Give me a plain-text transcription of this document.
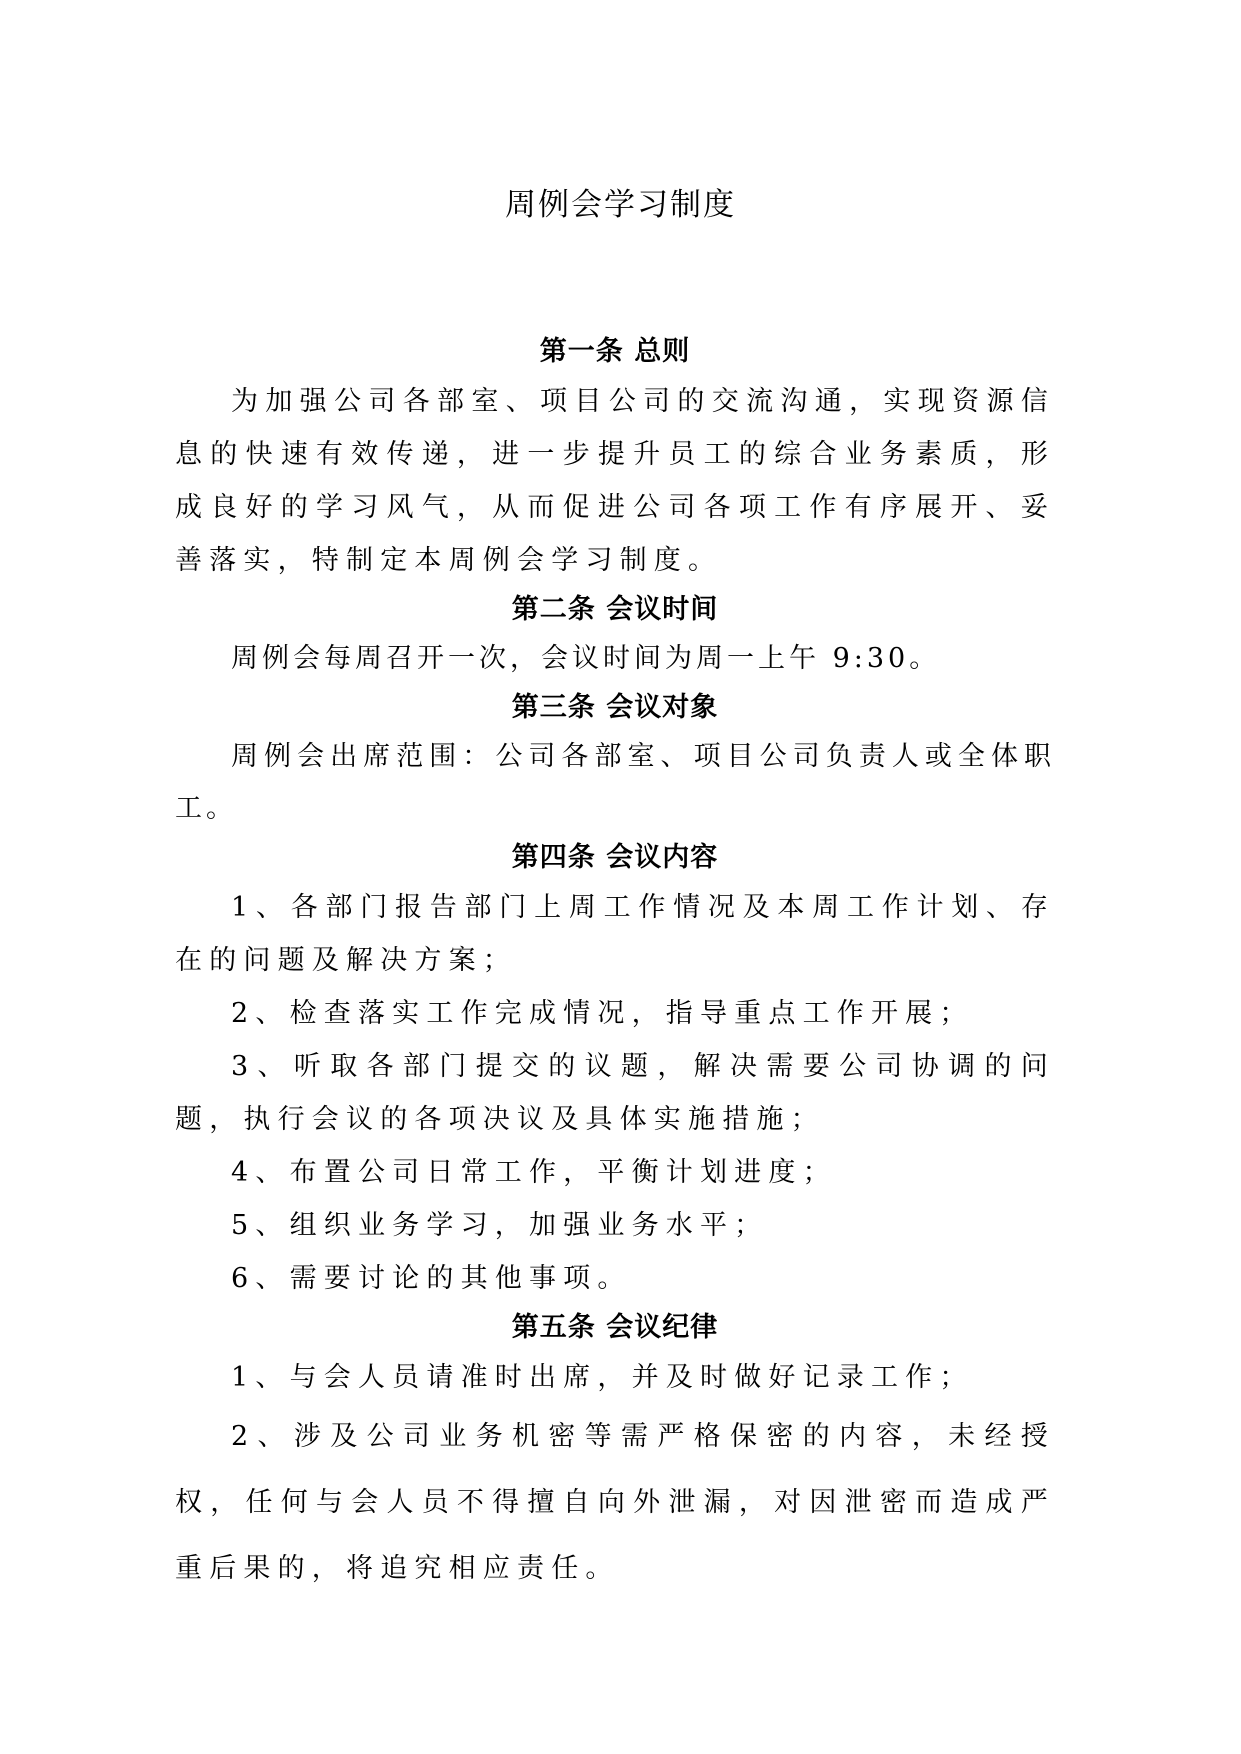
周例会学习制度

第一条 总则

为加强公司各部室、项目公司的交流沟通，实现资源信息的快速有效传递，进一步提升员工的综合业务素质，形成良好的学习风气，从而促进公司各项工作有序展开、妥善落实，特制定本周例会学习制度。

第二条 会议时间

周例会每周召开一次，会议时间为周一上午 9:30。

第三条 会议对象

周例会出席范围：公司各部室、项目公司负责人或全体职工。

第四条 会议内容

1、各部门报告部门上周工作情况及本周工作计划、存在的问题及解决方案；

2、检查落实工作完成情况，指导重点工作开展；

3、听取各部门提交的议题，解决需要公司协调的问题，执行会议的各项决议及具体实施措施；

4、布置公司日常工作，平衡计划进度；

5、组织业务学习，加强业务水平；

6、需要讨论的其他事项。

第五条 会议纪律

1、与会人员请准时出席，并及时做好记录工作；

2、涉及公司业务机密等需严格保密的内容，未经授权，任何与会人员不得擅自向外泄漏，对因泄密而造成严重后果的，将追究相应责任。
